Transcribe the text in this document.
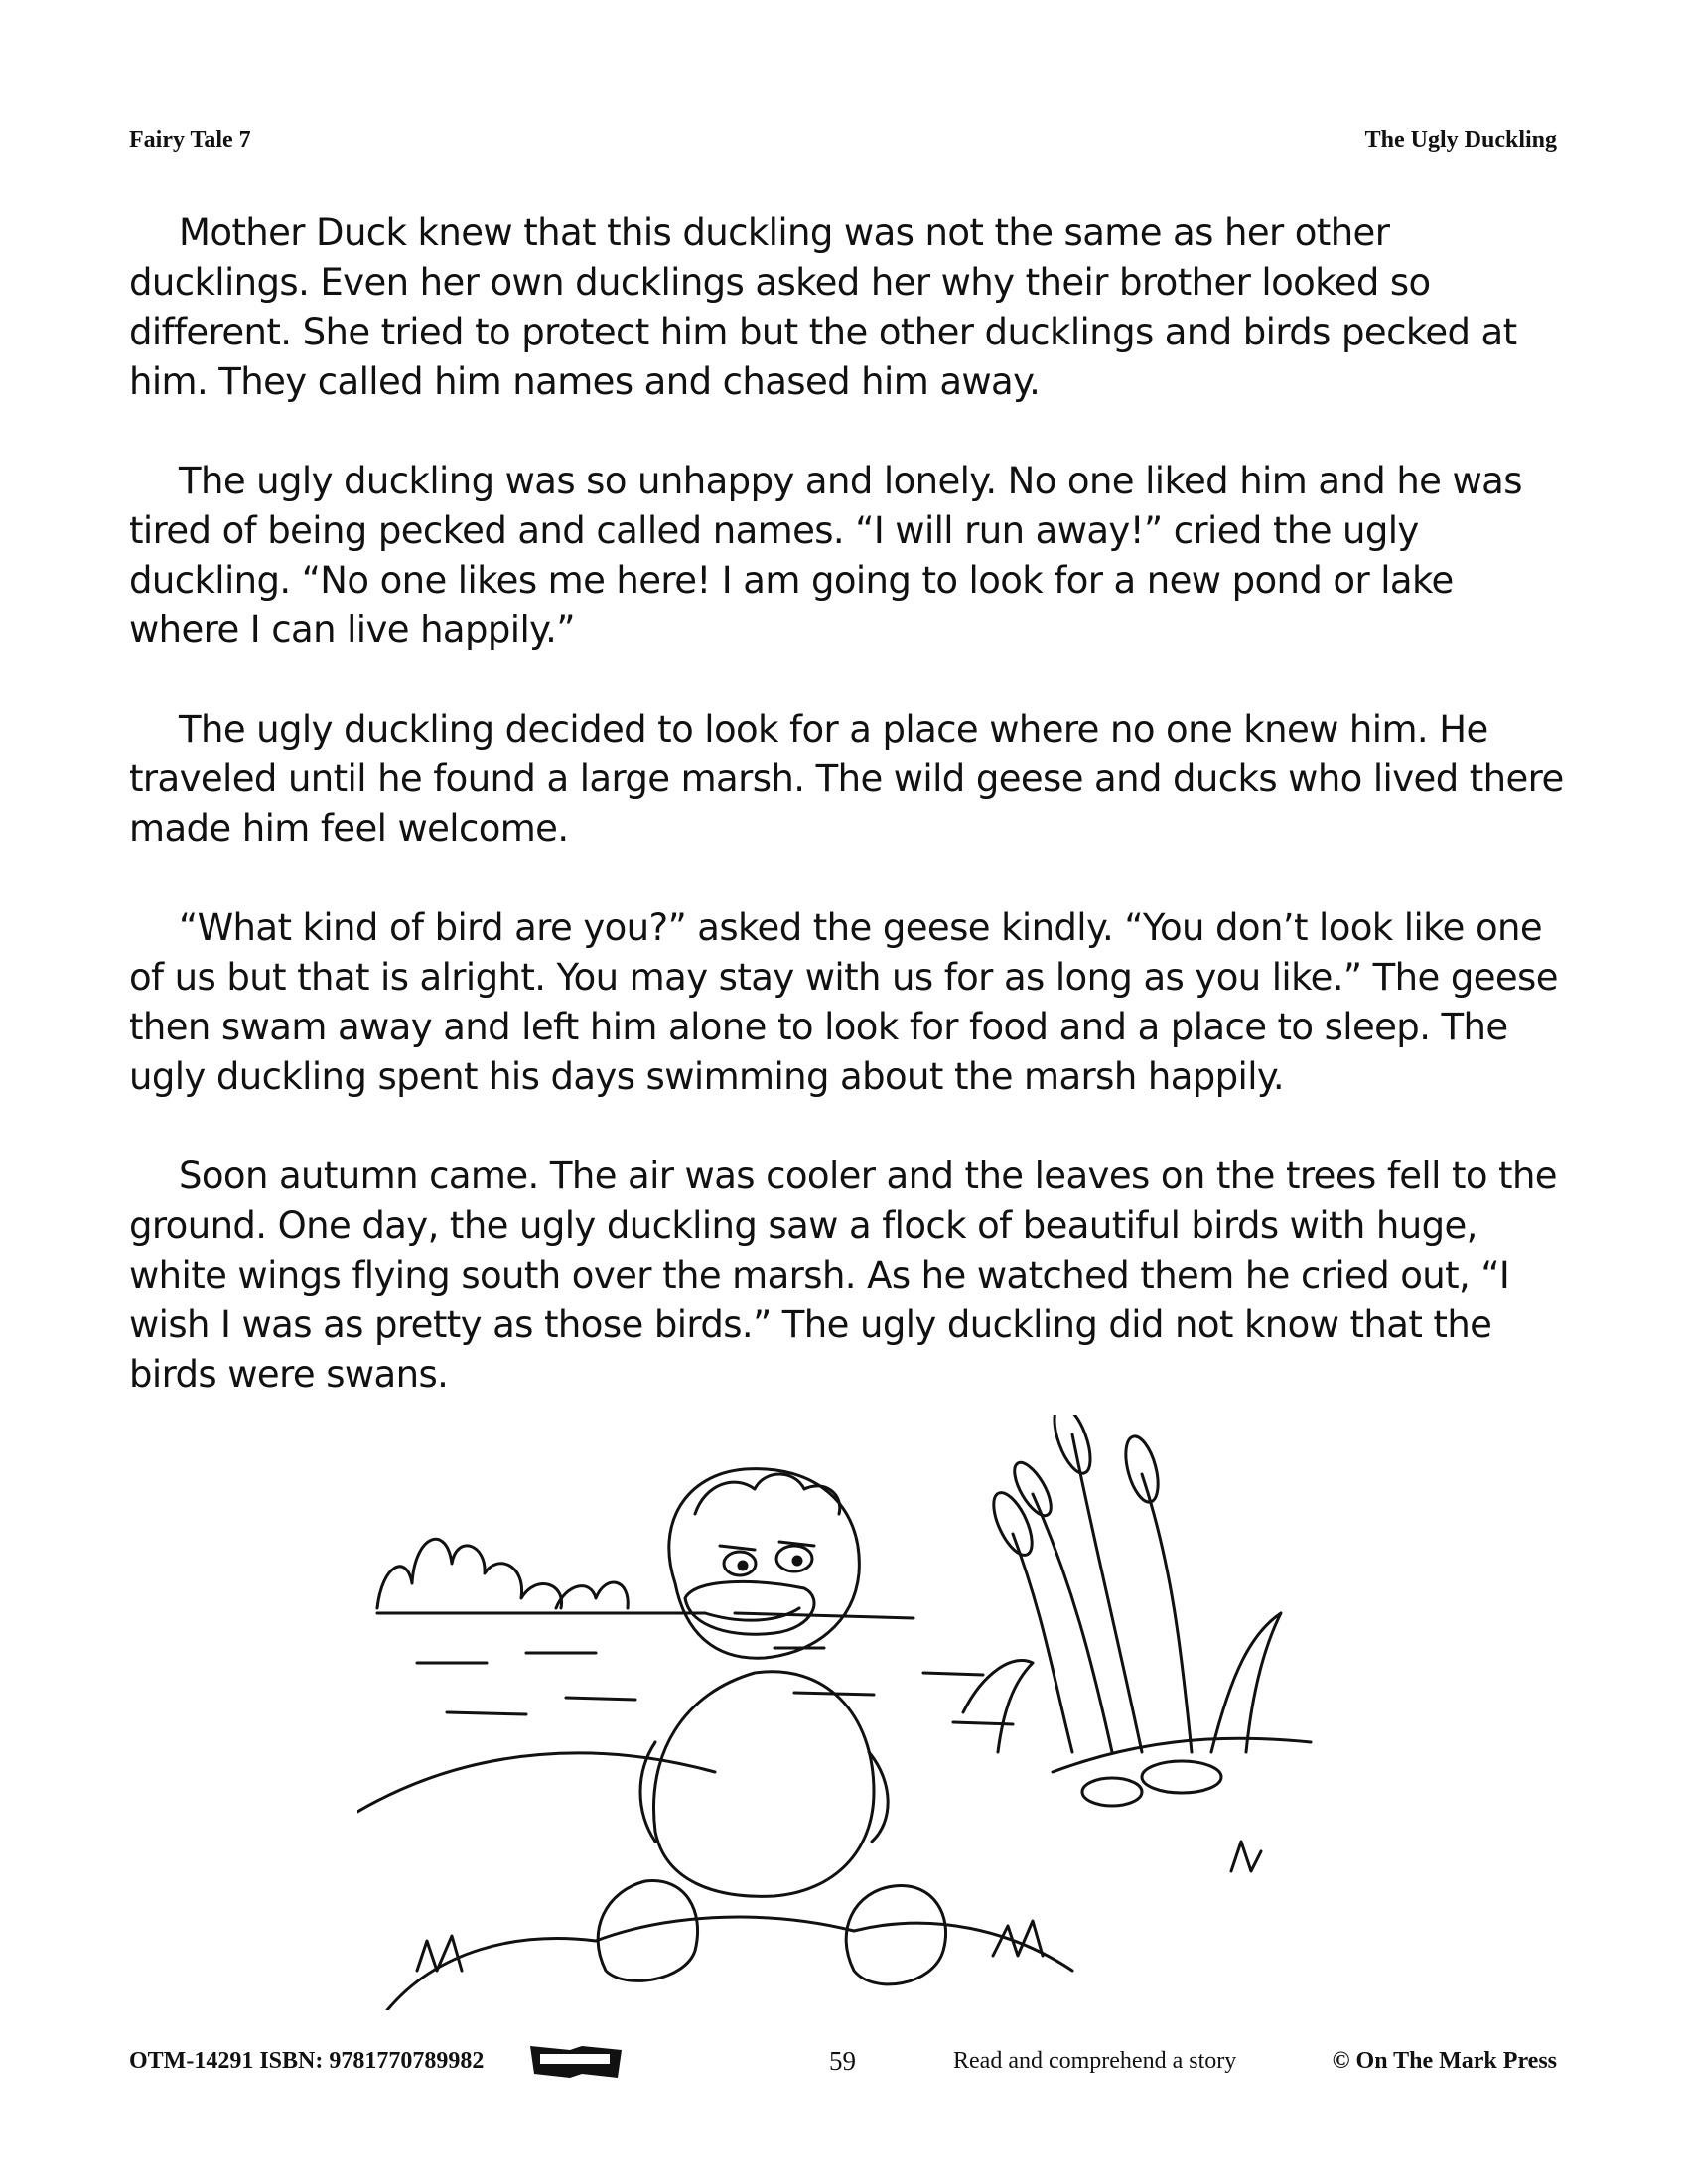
Fairy Tale 7	The Ugly Duckling

Mother Duck knew that this duckling was not the same as her other ducklings. Even her own ducklings asked her why their brother looked so different. She tried to protect him but the other ducklings and birds pecked at him. They called him names and chased him away.

The ugly duckling was so unhappy and lonely. No one liked him and he was tired of being pecked and called names. “I will run away!” cried the ugly duckling. “No one likes me here! I am going to look for a new pond or lake where I can live happily.”

The ugly duckling decided to look for a place where no one knew him. He traveled until he found a large marsh. The wild geese and ducks who lived there made him feel welcome.

“What kind of bird are you?” asked the geese kindly. “You don’t look like one of us but that is alright. You may stay with us for as long as you like.” The geese then swam away and left him alone to look for food and a place to sleep. The ugly duckling spent his days swimming about the marsh happily.

Soon autumn came. The air was cooler and the leaves on the trees fell to the ground. One day, the ugly duckling saw a flock of beautiful birds with huge, white wings flying south over the marsh. As he watched them he cried out, “I wish I was as pretty as those birds.” The ugly duckling did not know that the birds were swans.

OTM-14291 ISBN: 9781770789982	59	Read and comprehend a story	© On The Mark Press
